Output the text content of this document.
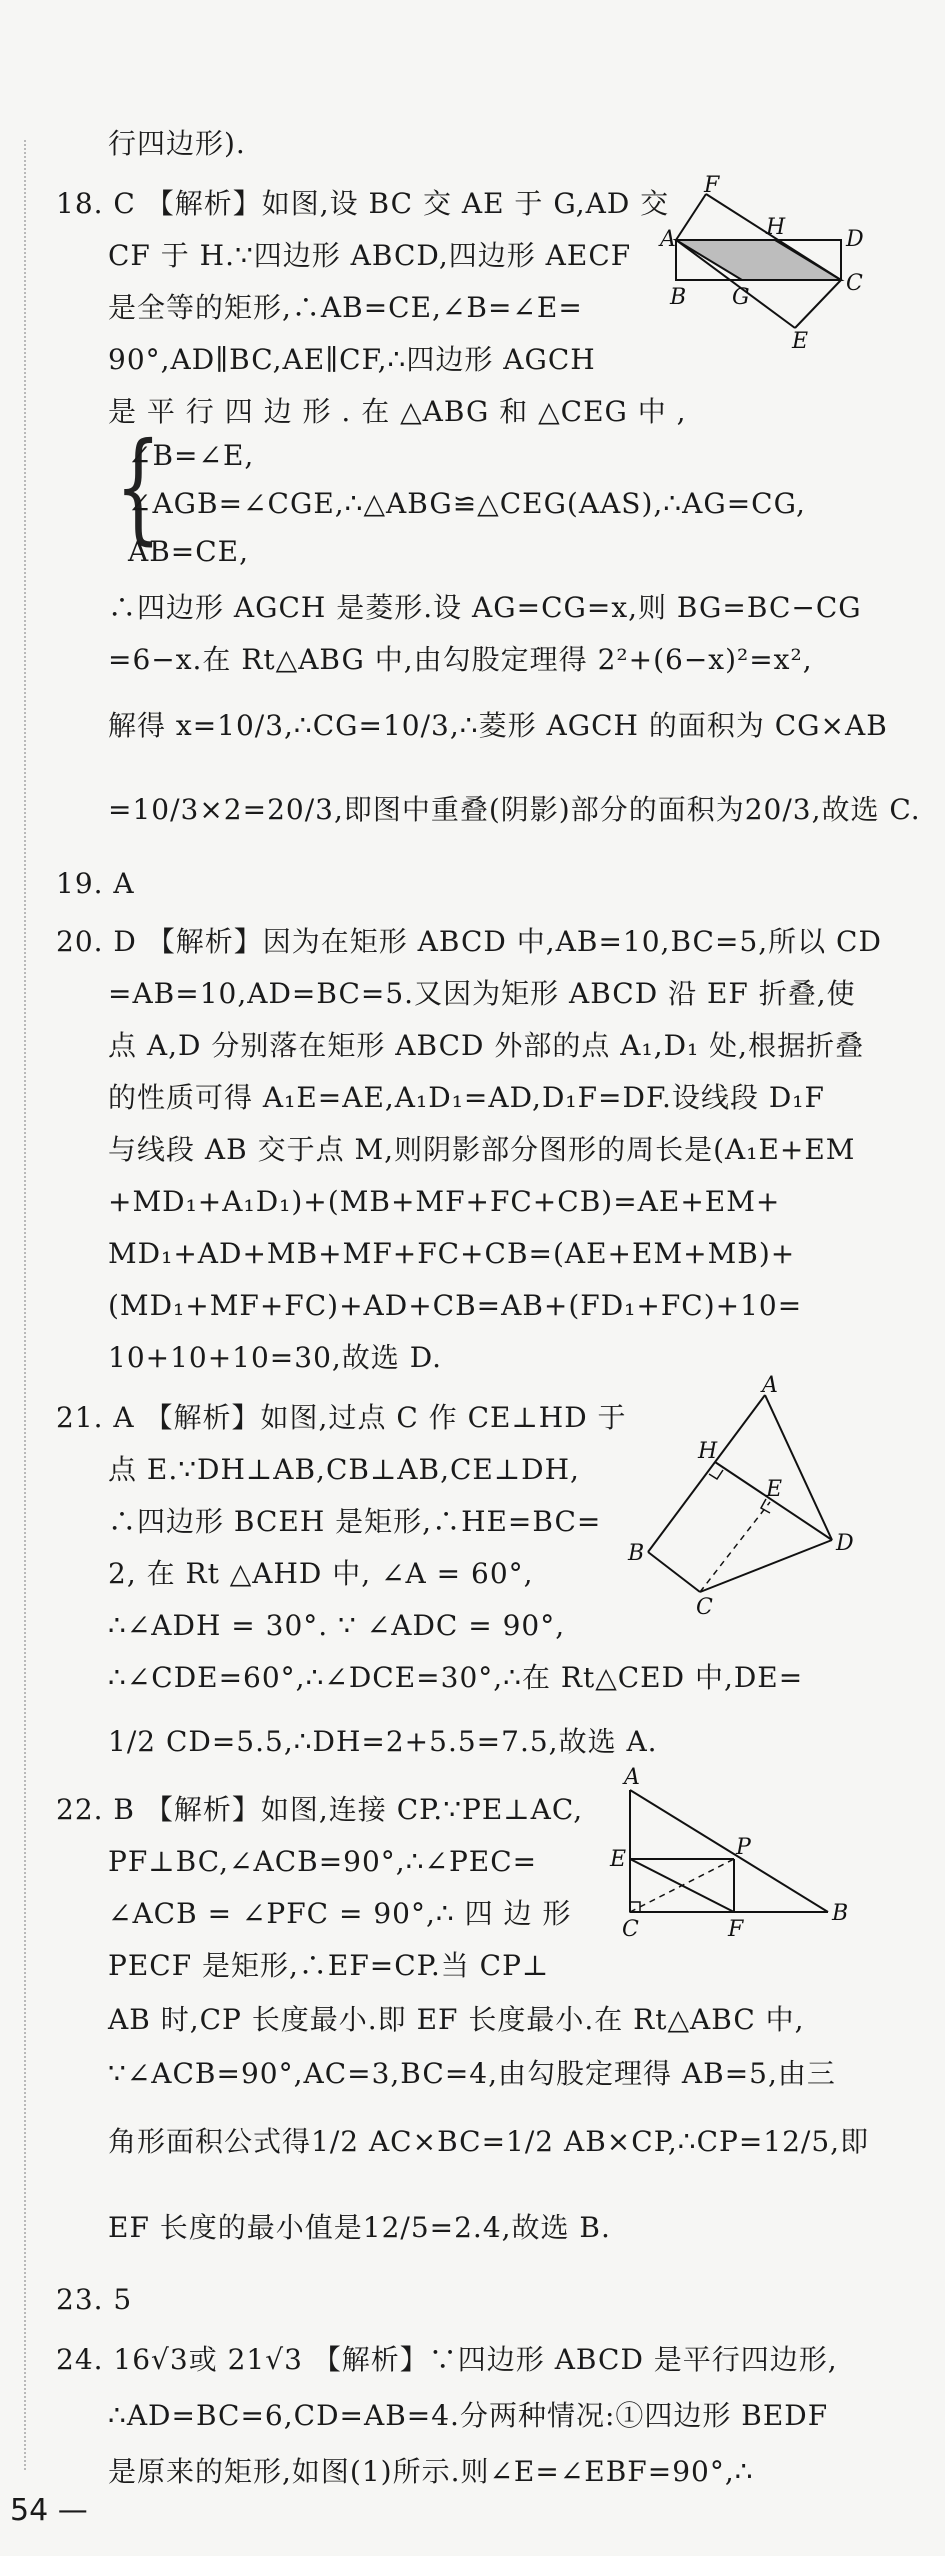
行四边形).
18. C 【解析】如图,设 BC 交 AE 于 G,AD 交
CF 于 H.∵四边形 ABCD,四边形 AECF
是全等的矩形,∴AB=CE,∠B=∠E=
90°,AD∥BC,AE∥CF,∴四边形 AGCH
是 平 行 四 边 形 . 在 △ABG 和 △CEG 中 ,
{
∠B=∠E,
∠AGB=∠CGE,∴△ABG≌△CEG(AAS),∴AG=CG,
AB=CE,
∴四边形 AGCH 是菱形.设 AG=CG=x,则 BG=BC−CG
=6−x.在 Rt△ABG 中,由勾股定理得 2²+(6−x)²=x²,
解得 x=10/3,∴CG=10/3,∴菱形 AGCH 的面积为 CG×AB
=10/3×2=20/3,即图中重叠(阴影)部分的面积为20/3,故选 C.
19. A
20. D 【解析】因为在矩形 ABCD 中,AB=10,BC=5,所以 CD
=AB=10,AD=BC=5.又因为矩形 ABCD 沿 EF 折叠,使
点 A,D 分别落在矩形 ABCD 外部的点 A₁,D₁ 处,根据折叠
的性质可得 A₁E=AE,A₁D₁=AD,D₁F=DF.设线段 D₁F
与线段 AB 交于点 M,则阴影部分图形的周长是(A₁E+EM
+MD₁+A₁D₁)+(MB+MF+FC+CB)=AE+EM+
MD₁+AD+MB+MF+FC+CB=(AE+EM+MB)+
(MD₁+MF+FC)+AD+CB=AB+(FD₁+FC)+10=
10+10+10=30,故选 D.
21. A 【解析】如图,过点 C 作 CE⊥HD 于
点 E.∵DH⊥AB,CB⊥AB,CE⊥DH,
∴四边形 BCEH 是矩形,∴HE=BC=
2, 在 Rt △AHD 中, ∠A = 60°,
∴∠ADH = 30°. ∵ ∠ADC = 90°,
∴∠CDE=60°,∴∠DCE=30°,∴在 Rt△CED 中,DE=
1/2 CD=5.5,∴DH=2+5.5=7.5,故选 A.
22. B 【解析】如图,连接 CP.∵PE⊥AC,
PF⊥BC,∠ACB=90°,∴∠PEC=
∠ACB = ∠PFC = 90°,∴ 四 边 形
PECF 是矩形,∴EF=CP.当 CP⊥
AB 时,CP 长度最小.即 EF 长度最小.在 Rt△ABC 中,
∵∠ACB=90°,AC=3,BC=4,由勾股定理得 AB=5,由三
角形面积公式得1/2 AC×BC=1/2 AB×CP,∴CP=12/5,即
EF 长度的最小值是12/5=2.4,故选 B.
23. 5
24. 16√3或 21√3 【解析】∵四边形 ABCD 是平行四边形,
∴AD=BC=6,CD=AB=4.分两种情况:①四边形 BEDF
是原来的矩形,如图(1)所示.则∠E=∠EBF=90°,∴
F
A	H	D
B G
C
E
A
H
E
B	D
C
A
E	P
C	F
B
54 —
